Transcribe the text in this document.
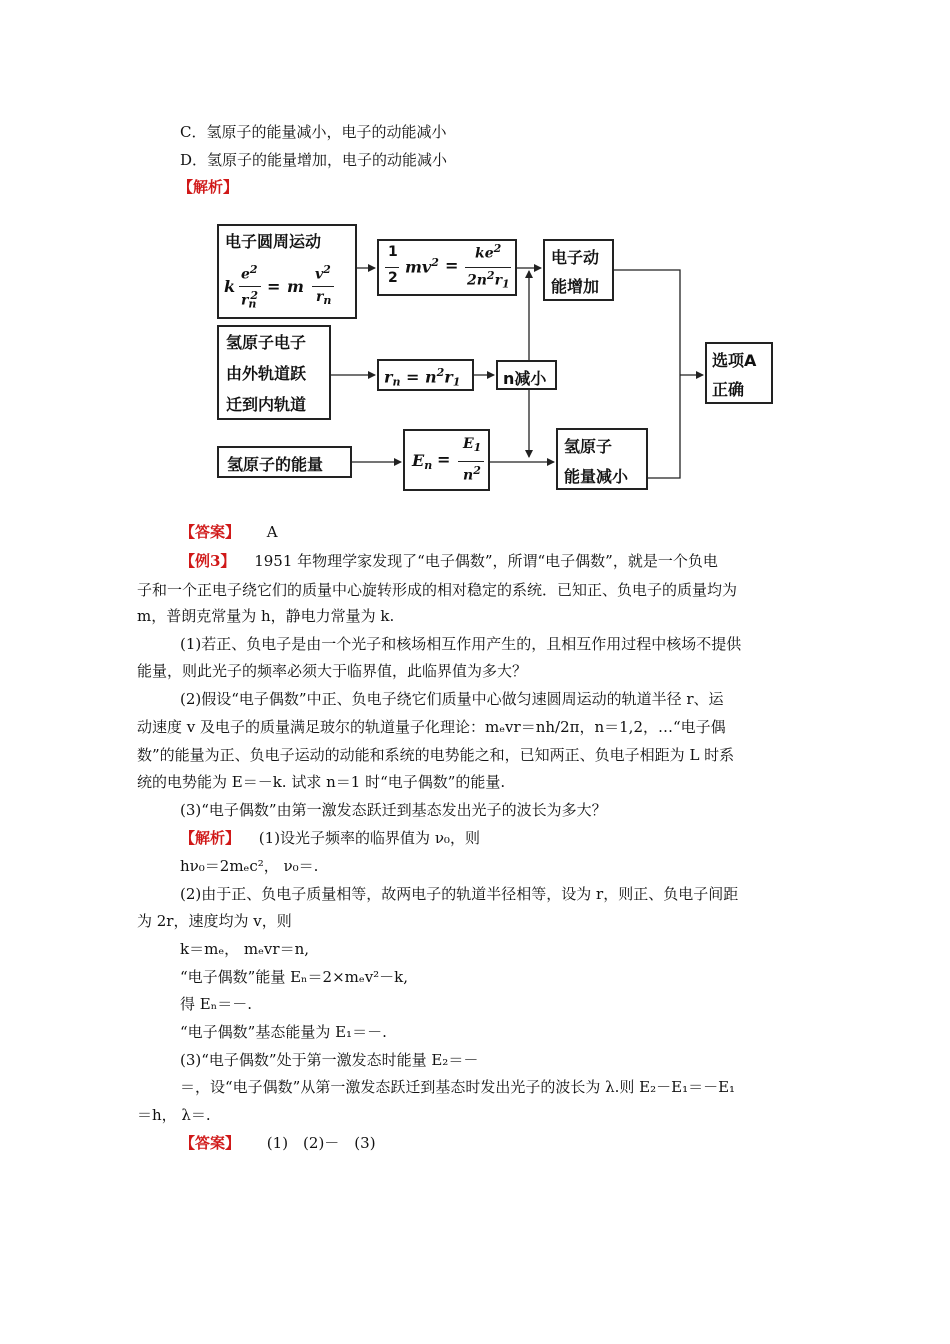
C．氢原子的能量减小，电子的动能减小
D．氢原子的能量增加，电子的动能减小
【解析】
电子圆周运动
k
$e^2$
$r_n^2 = m$
$v^2$
$r_n$
1
2
$mv^2$ =
$ke^2$
$2n^2r_1$
电子动
能增加
氢原子电子
由外轨道跃
迁到内轨道
rn = $n^2r1$	n减小
选项A
正确
氢原子的能量	En =
$E_1$
$n^2$
氢原子
能量减小
【答案】 A
【例3】 1951 年物理学家发现了“电子偶数”，所谓“电子偶数”，就是一个负电
子和一个正电子绕它们的质量中心旋转形成的相对稳定的系统．已知正、负电子的质量均为
m，普朗克常量为 h，静电力常量为 k.
(1)若正、负电子是由一个光子和核场相互作用产生的，且相互作用过程中核场不提供
能量，则此光子的频率必须大于临界值，此临界值为多大？
(2)假设“电子偶数”中正、负电子绕它们质量中心做匀速圆周运动的轨道半径 r、运
动速度 v 及电子的质量满足玻尔的轨道量子化理论：mₑvr＝nh/2π，n＝1,2，…“电子偶
数”的能量为正、负电子运动的动能和系统的电势能之和，已知两正、负电子相距为 L 时系
统的电势能为 E＝－k. 试求 n＝1 时“电子偶数”的能量.
(3)“电子偶数”由第一激发态跃迁到基态发出光子的波长为多大？
【解析】 (1)设光子频率的临界值为 ν₀，则
hν₀＝2mₑc²， ν₀＝.
(2)由于正、负电子质量相等，故两电子的轨道半径相等，设为 r，则正、负电子间距
为 2r，速度均为 v，则
k＝mₑ， mₑvr＝n,
“电子偶数”能量 Eₙ＝2×mₑv²－k,
得 Eₙ＝－.
“电子偶数”基态能量为 E₁＝－.
(3)“电子偶数”处于第一激发态时能量 E₂＝－
＝，设“电子偶数”从第一激发态跃迁到基态时发出光子的波长为 λ.则 E₂－E₁＝－E₁
＝h， λ＝.
【答案】 (1)　(2)－　(3)
